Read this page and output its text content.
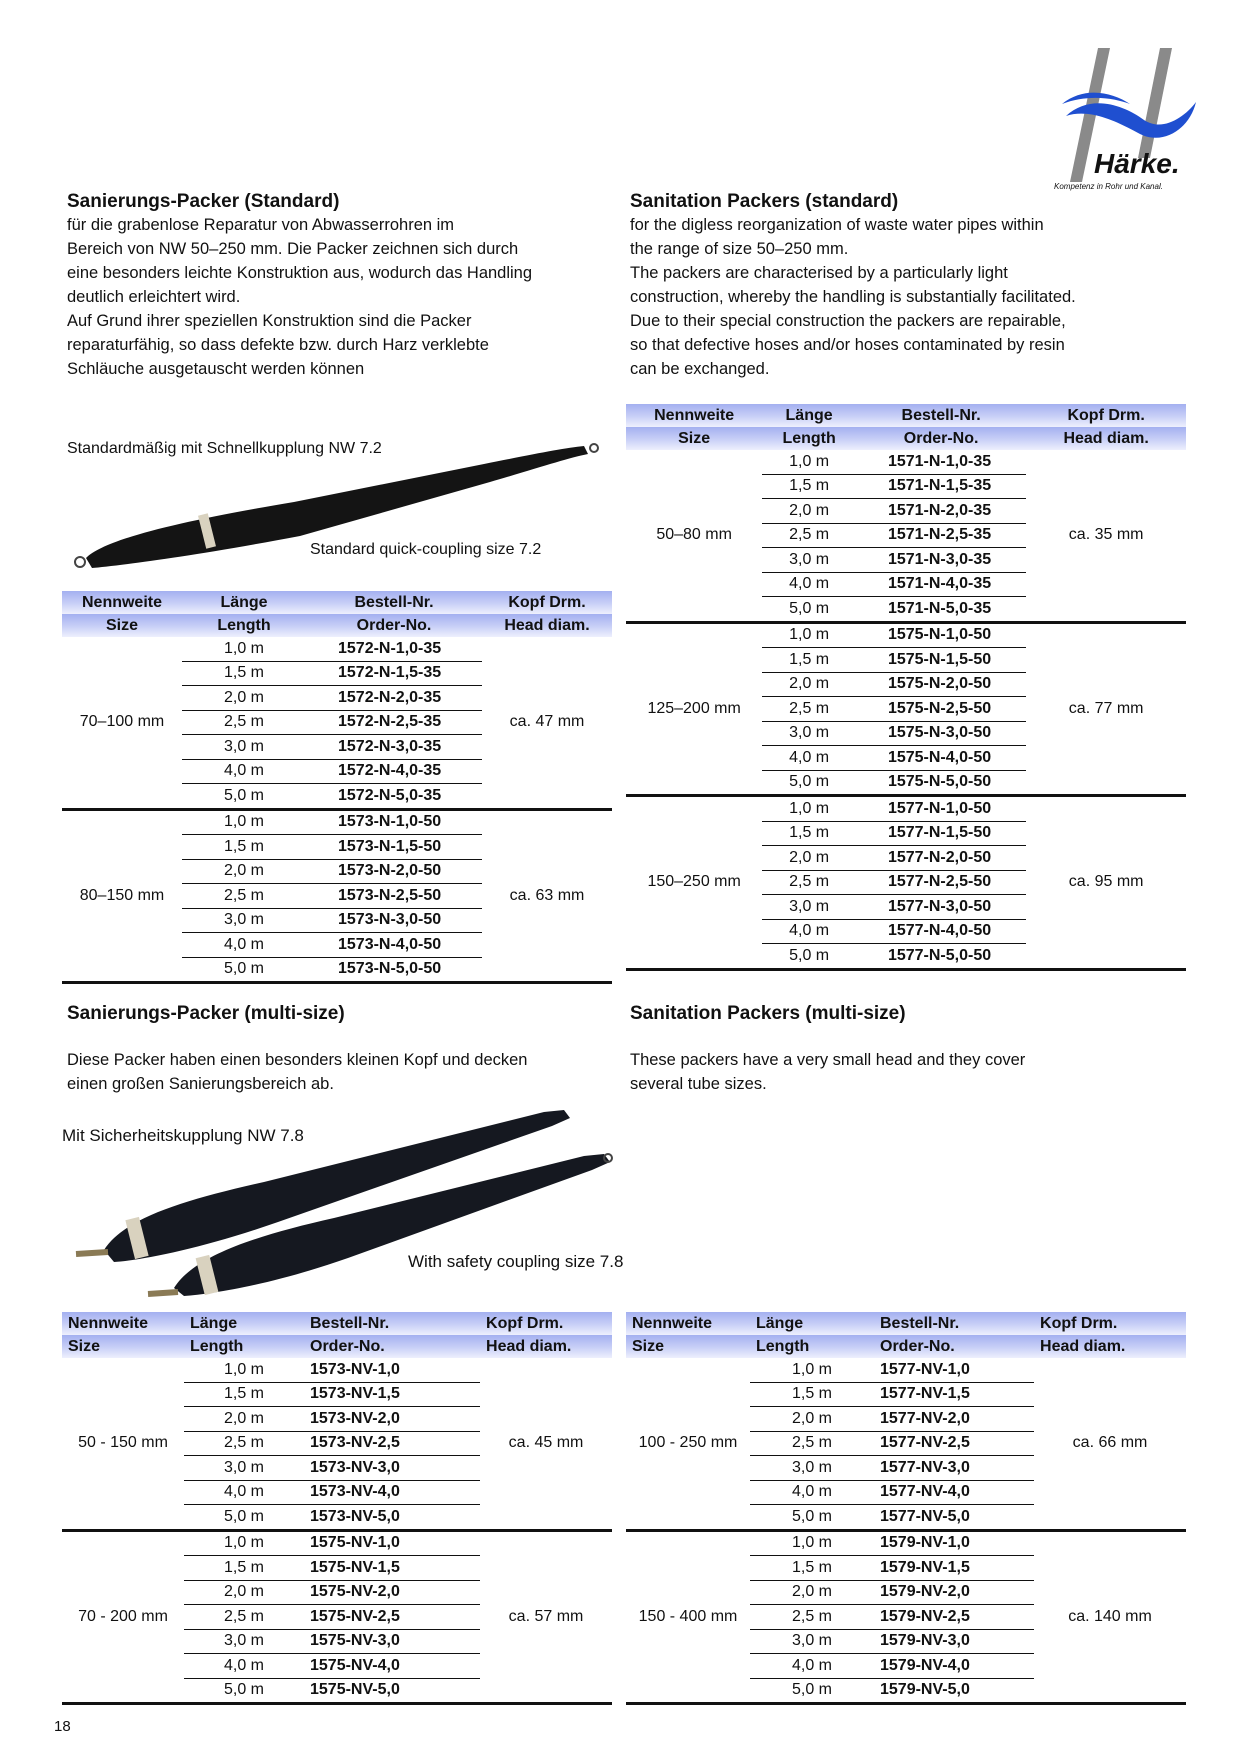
Härke.
Kompetenz in Rohr und Kanal.
Sanierungs-Packer (Standard)	Sanitation Packers (standard)
für die grabenlose Reparatur von Abwasserrohren im
Bereich von NW 50–250 mm. Die Packer zeichnen sich durch
eine besonders leichte Konstruktion aus, wodurch das Handling
deutlich erleichtert wird.
Auf Grund ihrer speziellen Konstruktion sind die Packer
reparaturfähig, so dass defekte bzw. durch Harz verklebte
Schläuche ausgetauscht werden können
for the digless reorganization of waste water pipes within
the range of size 50–250 mm.
The packers are characterised by a particularly light
construction, whereby the handling is substantially facilitated.
Due to their special construction the packers are repairable,
so that defective hoses and/or hoses contaminated by resin
can be exchanged.
Standardmäßig mit Schnellkupplung NW 7.2
Standard quick-coupling size 7.2
Sanierungs-Packer (multi-size)	Sanitation Packers (multi-size)
Diese Packer haben einen besonders kleinen Kopf und decken
einen großen Sanierungsbereich ab.
These packers have a very small head and they cover
several tube sizes.
Mit Sicherheitskupplung NW 7.8
With safety coupling size 7.8
Nennweite	Länge	Bestell-Nr.	Kopf Drm.
Size	Length	Order-No.	Head diam.
50–80 mm	1,0 m	1571-N-1,0-35	ca. 35 mm
	1,5 m	1571-N-1,5-35	
	2,0 m	1571-N-2,0-35	
	2,5 m	1571-N-2,5-35	
	3,0 m	1571-N-3,0-35	
	4,0 m	1571-N-4,0-35	
	5,0 m	1571-N-5,0-35	

125–200 mm	1,0 m	1575-N-1,0-50	ca. 77 mm
	1,5 m	1575-N-1,5-50	
	2,0 m	1575-N-2,0-50	
	2,5 m	1575-N-2,5-50	
	3,0 m	1575-N-3,0-50	
	4,0 m	1575-N-4,0-50	
	5,0 m	1575-N-5,0-50	

150–250 mm	1,0 m	1577-N-1,0-50	ca. 95 mm
	1,5 m	1577-N-1,5-50	
	2,0 m	1577-N-2,0-50	
	2,5 m	1577-N-2,5-50	
	3,0 m	1577-N-3,0-50	
	4,0 m	1577-N-4,0-50	
	5,0 m	1577-N-5,0-50	

Nennweite	Länge	Bestell-Nr.	Kopf Drm.
Size	Length	Order-No.	Head diam.
70–100 mm	1,0 m	1572-N-1,0-35	ca. 47 mm
	1,5 m	1572-N-1,5-35	
	2,0 m	1572-N-2,0-35	
	2,5 m	1572-N-2,5-35	
	3,0 m	1572-N-3,0-35	
	4,0 m	1572-N-4,0-35	
	5,0 m	1572-N-5,0-35	

80–150 mm	1,0 m	1573-N-1,0-50	ca. 63 mm
	1,5 m	1573-N-1,5-50	
	2,0 m	1573-N-2,0-50	
	2,5 m	1573-N-2,5-50	
	3,0 m	1573-N-3,0-50	
	4,0 m	1573-N-4,0-50	
	5,0 m	1573-N-5,0-50	

Nennweite	Länge	Bestell-Nr.	Kopf Drm.
Size	Length	Order-No.	Head diam.
50 - 150 mm	1,0 m	1573-NV-1,0	ca. 45 mm
	1,5 m	1573-NV-1,5	
	2,0 m	1573-NV-2,0	
	2,5 m	1573-NV-2,5	
	3,0 m	1573-NV-3,0	
	4,0 m	1573-NV-4,0	
	5,0 m	1573-NV-5,0	

70 - 200 mm	1,0 m	1575-NV-1,0	ca. 57 mm
	1,5 m	1575-NV-1,5	
	2,0 m	1575-NV-2,0	
	2,5 m	1575-NV-2,5	
	3,0 m	1575-NV-3,0	
	4,0 m	1575-NV-4,0	
	5,0 m	1575-NV-5,0	

Nennweite	Länge	Bestell-Nr.	Kopf Drm.
Size	Length	Order-No.	Head diam.
100 - 250 mm	1,0 m	1577-NV-1,0	ca. 66 mm
	1,5 m	1577-NV-1,5	
	2,0 m	1577-NV-2,0	
	2,5 m	1577-NV-2,5	
	3,0 m	1577-NV-3,0	
	4,0 m	1577-NV-4,0	
	5,0 m	1577-NV-5,0	

150 - 400 mm	1,0 m	1579-NV-1,0	ca. 140 mm
	1,5 m	1579-NV-1,5	
	2,0 m	1579-NV-2,0	
	2,5 m	1579-NV-2,5	
	3,0 m	1579-NV-3,0	
	4,0 m	1579-NV-4,0	
	5,0 m	1579-NV-5,0	

18
